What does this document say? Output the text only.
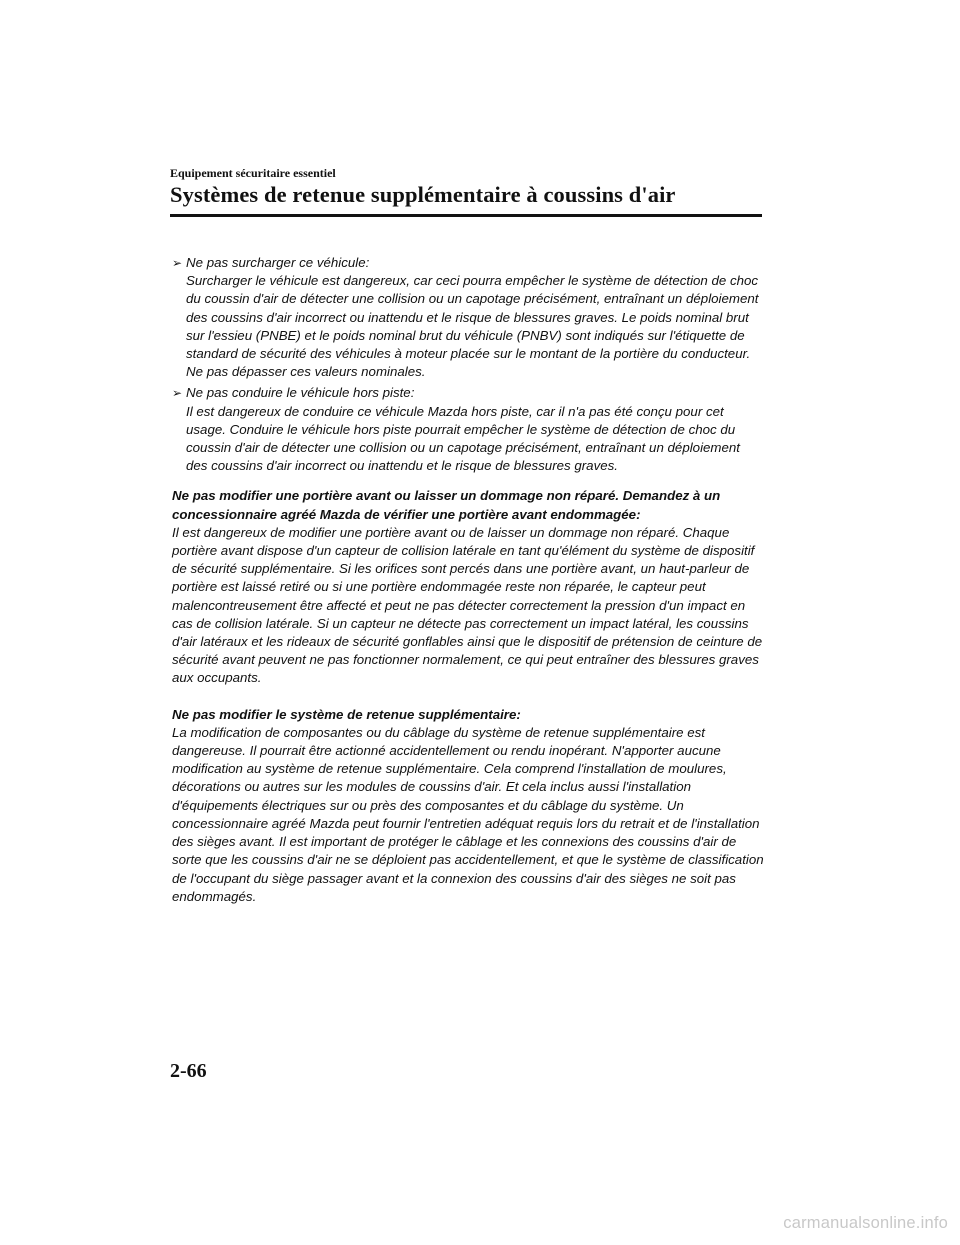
Equipement sécuritaire essentiel
Systèmes de retenue supplémentaire à coussins d'air
➢ Ne pas surcharger ce véhicule:

Surcharger le véhicule est dangereux, car ceci pourra empêcher le système de détection de choc du coussin d'air de détecter une collision ou un capotage précisément, entraînant un déploiement des coussins d'air incorrect ou inattendu et le risque de blessures graves. Le poids nominal brut sur l'essieu (PNBE) et le poids nominal brut du véhicule (PNBV) sont indiqués sur l'étiquette de standard de sécurité des véhicules à moteur placée sur le montant de la portière du conducteur. Ne pas dépasser ces valeurs nominales.

➢ Ne pas conduire le véhicule hors piste:

Il est dangereux de conduire ce véhicule Mazda hors piste, car il n'a pas été conçu pour cet usage. Conduire le véhicule hors piste pourrait empêcher le système de détection de choc du coussin d'air de détecter une collision ou un capotage précisément, entraînant un déploiement des coussins d'air incorrect ou inattendu et le risque de blessures graves.

Ne pas modifier une portière avant ou laisser un dommage non réparé. Demandez à un concessionnaire agréé Mazda de vérifier une portière avant endommagée:

Il est dangereux de modifier une portière avant ou de laisser un dommage non réparé. Chaque portière avant dispose d'un capteur de collision latérale en tant qu'élément du système de dispositif de sécurité supplémentaire. Si les orifices sont percés dans une portière avant, un haut-parleur de portière est laissé retiré ou si une portière endommagée reste non réparée, le capteur peut malencontreusement être affecté et peut ne pas détecter correctement la pression d'un impact en cas de collision latérale. Si un capteur ne détecte pas correctement un impact latéral, les coussins d'air latéraux et les rideaux de sécurité gonflables ainsi que le dispositif de prétension de ceinture de sécurité avant peuvent ne pas fonctionner normalement, ce qui peut entraîner des blessures graves aux occupants.

Ne pas modifier le système de retenue supplémentaire:

La modification de composantes ou du câblage du système de retenue supplémentaire est dangereuse. Il pourrait être actionné accidentellement ou rendu inopérant. N'apporter aucune modification au système de retenue supplémentaire. Cela comprend l'installation de moulures, décorations ou autres sur les modules de coussins d'air. Et cela inclus aussi l'installation d'équipements électriques sur ou près des composantes et du câblage du système. Un concessionnaire agréé Mazda peut fournir l'entretien adéquat requis lors du retrait et de l'installation des sièges avant. Il est important de protéger le câblage et les connexions des coussins d'air de sorte que les coussins d'air ne se déploient pas accidentellement, et que le système de classification de l'occupant du siège passager avant et la connexion des coussins d'air des sièges ne soit pas endommagés.

2-66
carmanualsonline.info
